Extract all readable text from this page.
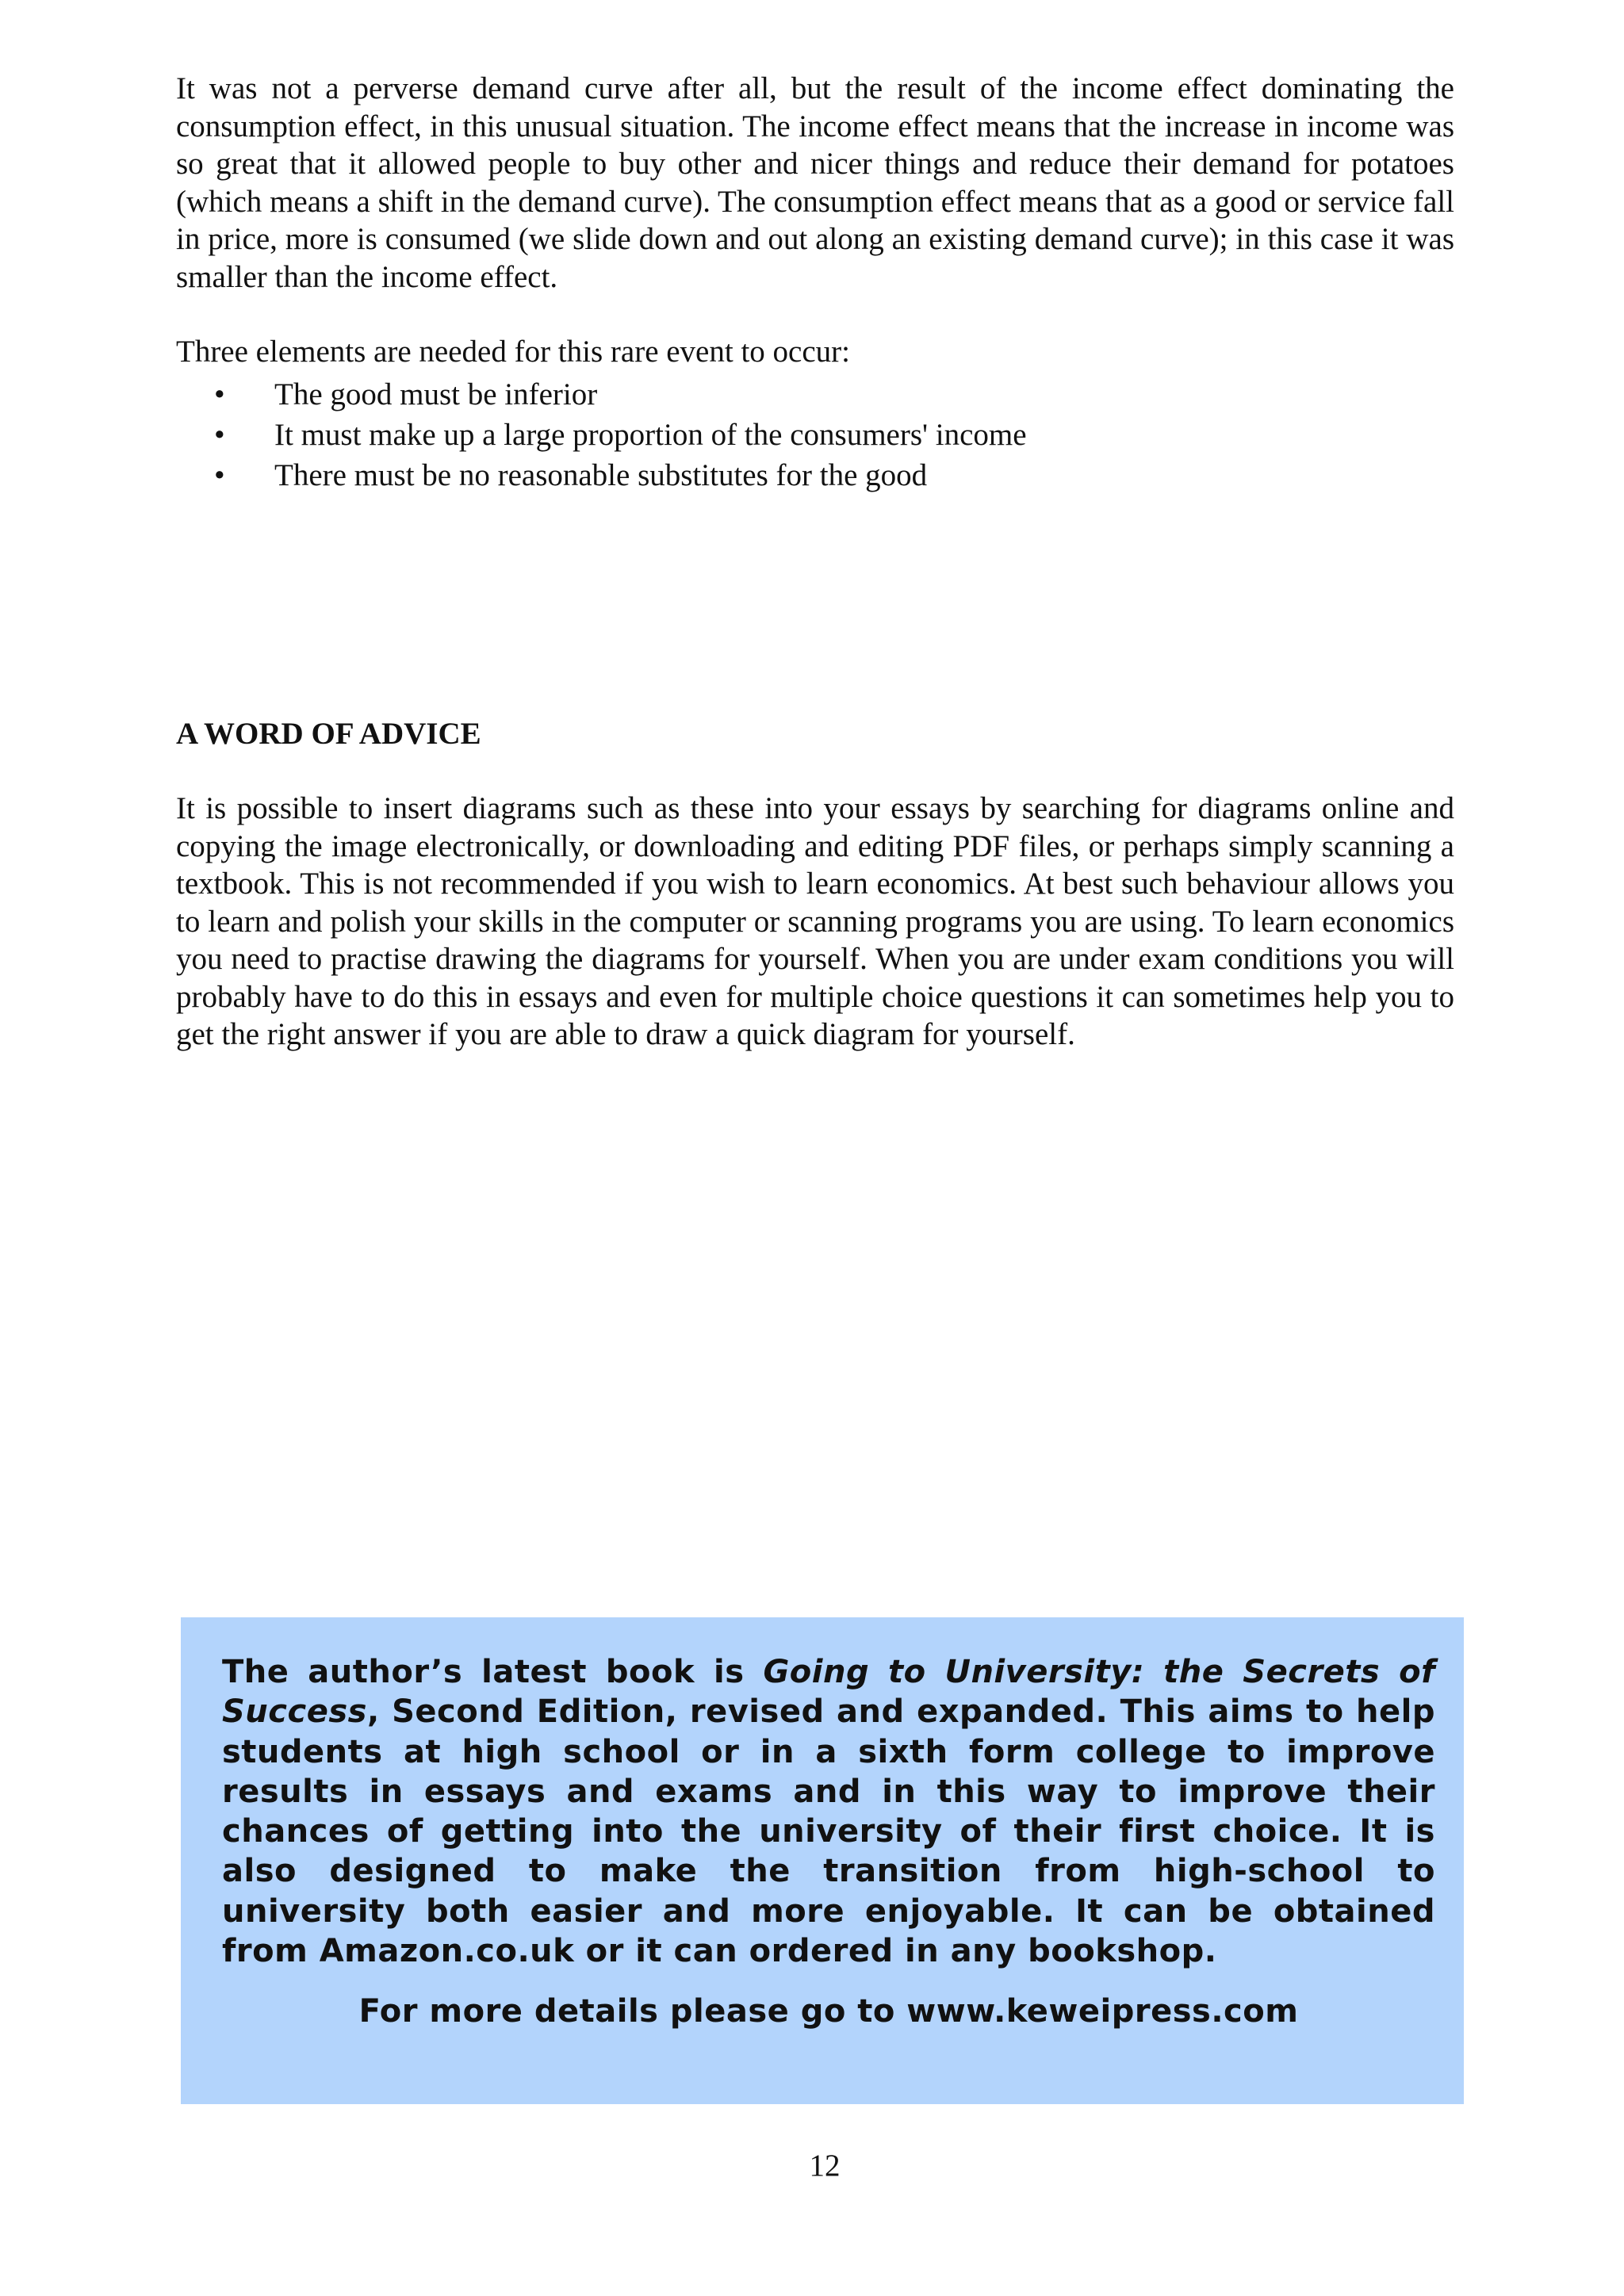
It was not a perverse demand curve after all, but the result of the income effect dominating the consumption effect, in this unusual situation. The income effect means that the increase in income was so great that it allowed people to buy other and nicer things and reduce their demand for potatoes (which means a shift in the demand curve). The consumption effect means that as a good or service fall in price, more is consumed (we slide down and out along an existing demand curve); in this case it was smaller than the income effect.

Three elements are needed for this rare event to occur:

• The good must be inferior
• It must make up a large proportion of the consumers' income
• There must be no reasonable substitutes for the good
A WORD OF ADVICE

It is possible to insert diagrams such as these into your essays by searching for diagrams online and copying the image electronically, or downloading and editing PDF files, or perhaps simply scanning a textbook. This is not recommended if you wish to learn economics. At best such behaviour allows you to learn and polish your skills in the computer or scanning programs you are using. To learn economics you need to practise drawing the diagrams for yourself. When you are under exam conditions you will probably have to do this in essays and even for multiple choice questions it can sometimes help you to get the right answer if you are able to draw a quick diagram for yourself.

The author’s latest book is Going to University: the Secrets of Success, Second Edition, revised and expanded. This aims to help students at high school or in a sixth form college to improve results in essays and exams and in this way to improve their chances of getting into the university of their first choice. It is also designed to make the transition from high-school to university both easier and more enjoyable. It can be obtained from Amazon.co.uk or it can ordered in any bookshop.

For more details please go to www.keweipress.com

12
